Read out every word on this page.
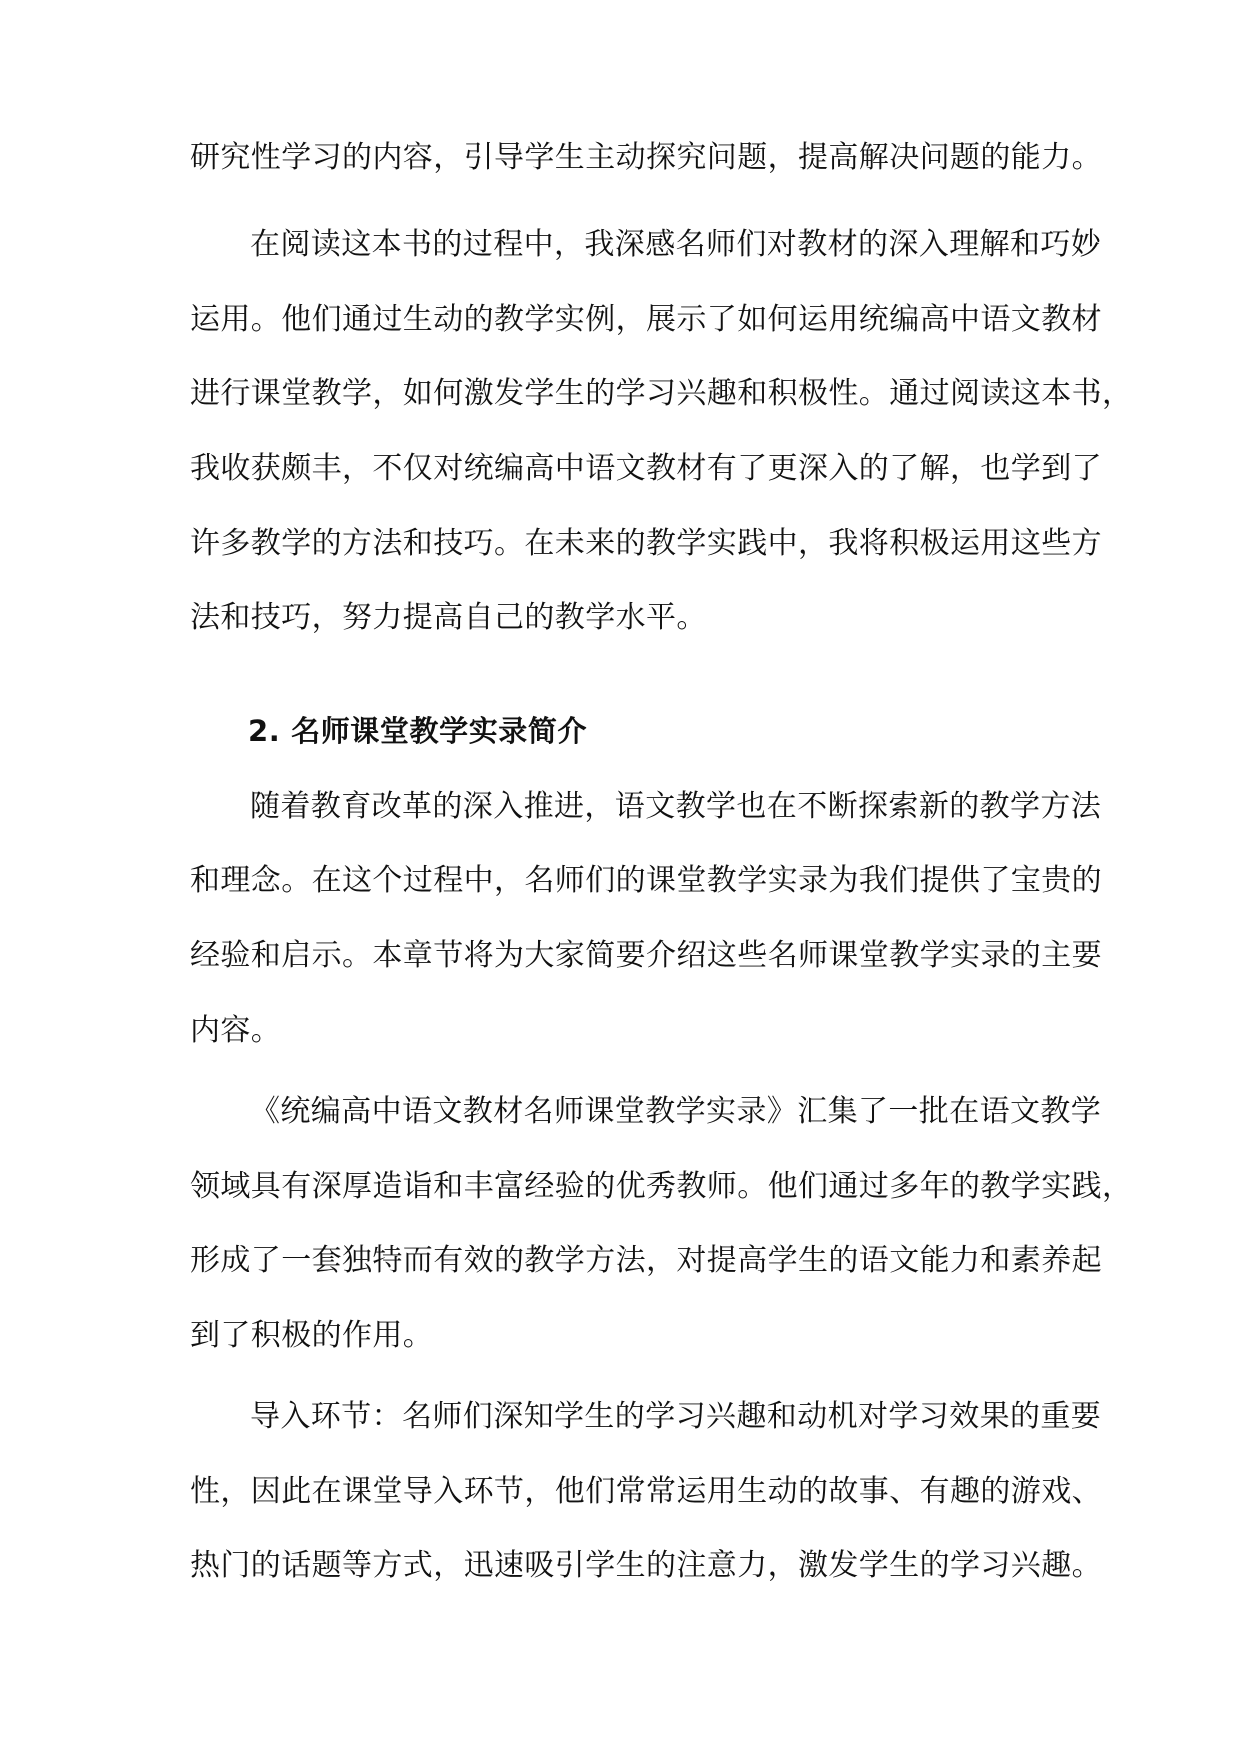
研究性学习的内容，引导学生主动探究问题，提高解决问题的能力。
在阅读这本书的过程中，我深感名师们对教材的深入理解和巧妙
运用。他们通过生动的教学实例，展示了如何运用统编高中语文教材
进行课堂教学，如何激发学生的学习兴趣和积极性。通过阅读这本书，
我收获颇丰，不仅对统编高中语文教材有了更深入的了解，也学到了
许多教学的方法和技巧。在未来的教学实践中，我将积极运用这些方
法和技巧，努力提高自己的教学水平。
2. 名师课堂教学实录简介
随着教育改革的深入推进，语文教学也在不断探索新的教学方法
和理念。在这个过程中，名师们的课堂教学实录为我们提供了宝贵的
经验和启示。本章节将为大家简要介绍这些名师课堂教学实录的主要
内容。
《统编高中语文教材名师课堂教学实录》汇集了一批在语文教学
领域具有深厚造诣和丰富经验的优秀教师。他们通过多年的教学实践，
形成了一套独特而有效的教学方法，对提高学生的语文能力和素养起
到了积极的作用。
导入环节：名师们深知学生的学习兴趣和动机对学习效果的重要
性，因此在课堂导入环节，他们常常运用生动的故事、有趣的游戏、
热门的话题等方式，迅速吸引学生的注意力，激发学生的学习兴趣。
